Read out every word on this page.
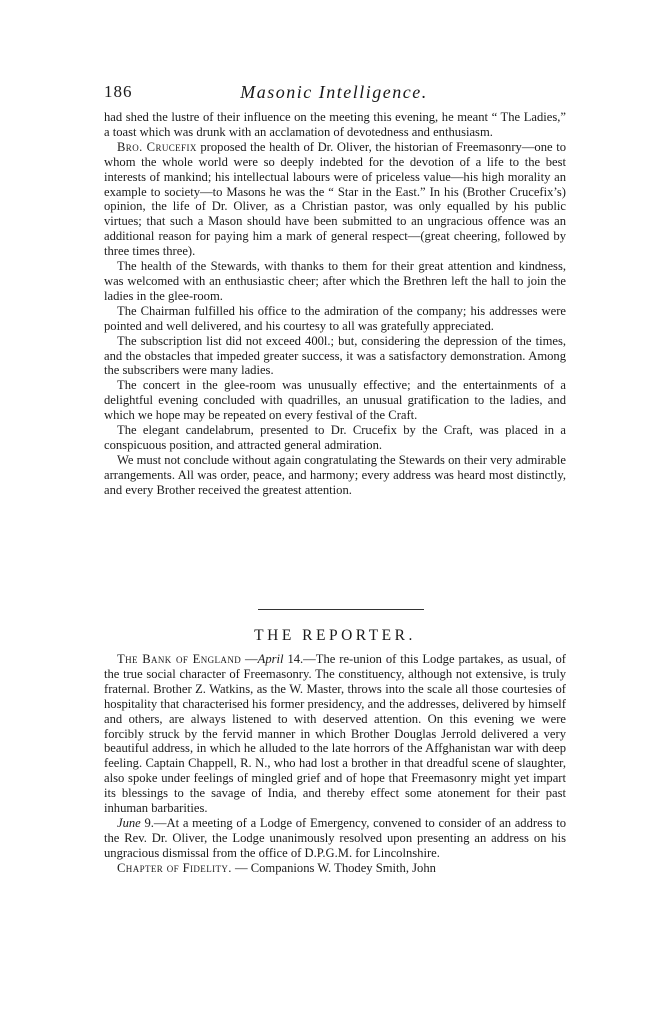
186	Masonic Intelligence.

had shed the lustre of their influence on the meeting this evening, he meant “ The Ladies,” a toast which was drunk with an acclamation of devotedness and enthusiasm.

Bro. Crucefix proposed the health of Dr. Oliver, the historian of Freemasonry—one to whom the whole world were so deeply indebted for the devotion of a life to the best interests of mankind; his intellectual labours were of priceless value—his high morality an example to society—to Masons he was the “ Star in the East.” In his (Brother Crucefix’s) opinion, the life of Dr. Oliver, as a Christian pastor, was only equalled by his public virtues; that such a Mason should have been submitted to an ungracious offence was an additional reason for paying him a mark of general respect—(great cheering, followed by three times three).

The health of the Stewards, with thanks to them for their great attention and kindness, was welcomed with an enthusiastic cheer; after which the Brethren left the hall to join the ladies in the glee-room.

The Chairman fulfilled his office to the admiration of the company; his addresses were pointed and well delivered, and his courtesy to all was gratefully appreciated.

The subscription list did not exceed 400l.; but, considering the depression of the times, and the obstacles that impeded greater success, it was a satisfactory demonstration. Among the subscribers were many ladies.

The concert in the glee-room was unusually effective; and the entertainments of a delightful evening concluded with quadrilles, an unusual gratification to the ladies, and which we hope may be repeated on every festival of the Craft.

The elegant candelabrum, presented to Dr. Crucefix by the Craft, was placed in a conspicuous position, and attracted general admiration.

We must not conclude without again congratulating the Stewards on their very admirable arrangements. All was order, peace, and harmony; every address was heard most distinctly, and every Brother received the greatest attention.

THE REPORTER.

The Bank of England —April 14.—The re-union of this Lodge partakes, as usual, of the true social character of Freemasonry. The constituency, although not extensive, is truly fraternal. Brother Z. Watkins, as the W. Master, throws into the scale all those courtesies of hospitality that characterised his former presidency, and the addresses, delivered by himself and others, are always listened to with deserved attention. On this evening we were forcibly struck by the fervid manner in which Brother Douglas Jerrold delivered a very beautiful address, in which he alluded to the late horrors of the Affghanistan war with deep feeling. Captain Chappell, R. N., who had lost a brother in that dreadful scene of slaughter, also spoke under feelings of mingled grief and of hope that Freemasonry might yet impart its blessings to the savage of India, and thereby effect some atonement for their past inhuman barbarities.

June 9.—At a meeting of a Lodge of Emergency, convened to consider of an address to the Rev. Dr. Oliver, the Lodge unanimously resolved upon presenting an address on his ungracious dismissal from the office of D.P.G.M. for Lincolnshire.

Chapter of Fidelity. — Companions W. Thodey Smith, John
